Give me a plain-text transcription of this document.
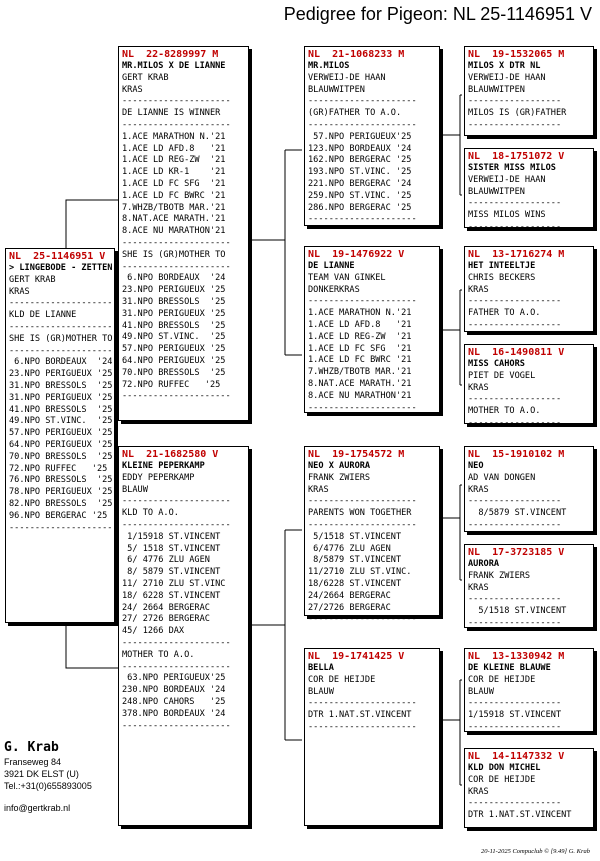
Pedigree for Pigeon: NL 25-1146951 V
NL  25-1146951 V
> LINGEBODE - ZETTEN
GERT KRAB
KRAS
---------------------
KLD DE LIANNE
---------------------
SHE IS (GR)MOTHER TO
---------------------
6.NPO BORDEAUX  '24
23.NPO PERIGUEUX '25
31.NPO BRESSOLS  '25
31.NPO PERIGUEUX '25
41.NPO BRESSOLS  '25
49.NPO ST.VINC.  '25
57.NPO PERIGUEUX '25
64.NPO PERIGUEUX '25
70.NPO BRESSOLS  '25
72.NPO RUFFEC   '25
76.NPO BRESSOLS  '25
78.NPO PERIGUEUX '25
82.NPO BRESSOLS  '25
96.NPO BERGERAC '25
---------------------
NL  22-8289997 M
MR.MILOS X DE LIANNE
GERT KRAB
KRAS
---------------------
DE LIANNE IS WINNER
---------------------
1.ACE MARATHON N.'21
1.ACE LD AFD.8   '21
1.ACE LD REG-ZW  '21
1.ACE LD KR-1    '21
1.ACE LD FC SFG  '21
1.ACE LD FC BWRC '21
7.WHZB/TBOTB MAR.'21
8.NAT.ACE MARATH.'21
8.ACE NU MARATHON'21
---------------------
SHE IS (GR)MOTHER TO
---------------------
6.NPO BORDEAUX  '24
23.NPO PERIGUEUX '25
31.NPO BRESSOLS  '25
31.NPO PERIGUEUX '25
41.NPO BRESSOLS  '25
49.NPO ST.VINC.  '25
57.NPO PERIGUEUX '25
64.NPO PERIGUEUX '25
70.NPO BRESSOLS  '25
72.NPO RUFFEC   '25
---------------------
NL  21-1682580 V
KLEINE PEPERKAMP
EDDY PEPERKAMP
BLAUW
---------------------
KLD TO A.O.
---------------------
1/15918 ST.VINCENT
5/ 1518 ST.VINCENT
6/ 4776 ZLU AGEN
8/ 5879 ST.VINCENT
11/ 2710 ZLU ST.VINC
18/ 6228 ST.VINCENT
24/ 2664 BERGERAC
27/ 2726 BERGERAC
45/ 1266 DAX
---------------------
MOTHER TO A.O.
---------------------
63.NPO PERIGUEUX'25
230.NPO BORDEAUX '24
248.NPO CAHORS   '25
378.NPO BORDEAUX '24
---------------------
NL  21-1068233 M
MR.MILOS
VERWEIJ-DE HAAN
BLAUWWITPEN
---------------------
(GR)FATHER TO A.O.
---------------------
57.NPO PERIGUEUX'25
123.NPO BORDEAUX '24
162.NPO BERGERAC '25
193.NPO ST.VINC. '25
221.NPO BERGERAC '24
259.NPO ST.VINC. '25
286.NPO BERGERAC '25
---------------------
NL  19-1476922 V
DE LIANNE
TEAM VAN GINKEL
DONKERKRAS
---------------------
1.ACE MARATHON N.'21
1.ACE LD AFD.8   '21
1.ACE LD REG-ZW  '21
1.ACE LD FC SFG  '21
1.ACE LD FC BWRC '21
7.WHZB/TBOTB MAR.'21
8.NAT.ACE MARATH.'21
8.ACE NU MARATHON'21
---------------------
NL  19-1754572 M
NEO X AURORA
FRANK ZWIERS
KRAS
---------------------
PARENTS WON TOGETHER
---------------------
5/1518 ST.VINCENT
6/4776 ZLU AGEN
8/5879 ST.VINCENT
11/2710 ZLU ST.VINC.
18/6228 ST.VINCENT
24/2664 BERGERAC
27/2726 BERGERAC
---------------------
NL  19-1741425 V
BELLA
COR DE HEIJDE
BLAUW
---------------------
DTR 1.NAT.ST.VINCENT
---------------------
NL  19-1532065 M
MILOS X DTR NL
VERWEIJ-DE HAAN
BLAUWWITPEN
------------------
MILOS IS (GR)FATHER
------------------
NL  18-1751072 V
SISTER MISS MILOS
VERWEIJ-DE HAAN
BLAUWWITPEN
------------------
MISS MILOS WINS
------------------
NL  13-1716274 M
HET INTEELTJE
CHRIS BECKERS
KRAS
------------------
FATHER TO A.O.
------------------
NL  16-1490811 V
MISS CAHORS
PIET DE VOGEL
KRAS
------------------
MOTHER TO A.O.
------------------
NL  15-1910102 M
NEO
AD VAN DONGEN
KRAS
------------------
8/5879 ST.VINCENT
------------------
NL  17-3723185 V
AURORA
FRANK ZWIERS
KRAS
------------------
5/1518 ST.VINCENT
------------------
NL  13-1330942 M
DE KLEINE BLAUWE
COR DE HEIJDE
BLAUW
------------------
1/15918 ST.VINCENT
------------------
NL  14-1147332 V
KLD DON MICHEL
COR DE HEIJDE
KRAS
------------------
DTR 1.NAT.ST.VINCENT
G. Krab
Franseweg 84
3921 DK ELST (U)
Tel.:+31(0)655893005
info@gertkrab.nl
20-11-2025 Compuclub © [9.49] G. Krab
